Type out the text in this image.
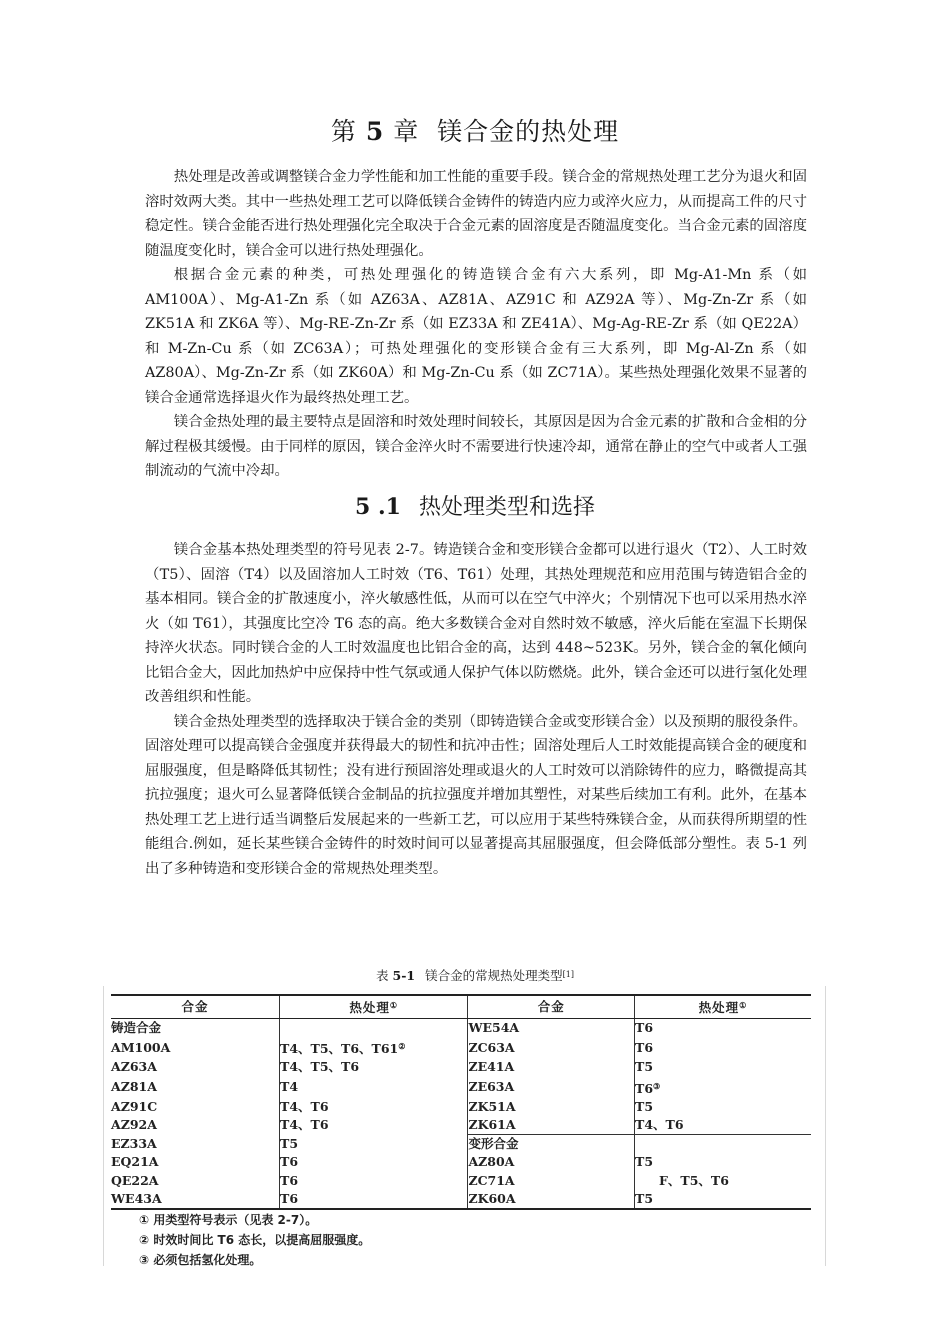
第 5 章 镁合金的热处理

热处理是改善或调整镁合金力学性能和加工性能的重要手段。镁合金的常规热处理工艺分为退火和固溶时效两大类。其中一些热处理工艺可以降低镁合金铸件的铸造内应力或淬火应力，从而提高工件的尺寸稳定性。镁合金能否进行热处理强化完全取决于合金元素的固溶度是否随温度变化。当合金元素的固溶度随温度变化时，镁合金可以进行热处理强化。

根据合金元素的种类，可热处理强化的铸造镁合金有六大系列，即 Mg-A1-Mn 系（如 AM100A）、Mg-A1-Zn 系（如 AZ63A、AZ81A、AZ91C 和 AZ92A 等）、Mg-Zn-Zr 系（如 ZK51A 和 ZK6A 等）、Mg-RE-Zn-Zr 系（如 EZ33A 和 ZE41A）、Mg-Ag-RE-Zr 系（如 QE22A）和 M-Zn-Cu 系（如 ZC63A）；可热处理强化的变形镁合金有三大系列，即 Mg-Al-Zn 系（如 AZ80A）、Mg-Zn-Zr 系（如 ZK60A）和 Mg-Zn-Cu 系（如 ZC71A）。某些热处理强化效果不显著的镁合金通常选择退火作为最终热处理工艺。

镁合金热处理的最主要特点是固溶和时效处理时间较长，其原因是因为合金元素的扩散和合金相的分解过程极其缓慢。由于同样的原因，镁合金淬火时不需要进行快速冷却，通常在静止的空气中或者人工强制流动的气流中冷却。

5 .1 热处理类型和选择

镁合金基本热处理类型的符号见表 2-7。铸造镁合金和变形镁合金都可以进行退火（T2）、人工时效（T5）、固溶（T4）以及固溶加人工时效（T6、T61）处理，其热处理规范和应用范围与铸造铝合金的基本相同。镁合金的扩散速度小，淬火敏感性低，从而可以在空气中淬火；个别情况下也可以采用热水淬火（如 T61），其强度比空冷 T6 态的高。绝大多数镁合金对自然时效不敏感，淬火后能在室温下长期保持淬火状态。同时镁合金的人工时效温度也比铝合金的高，达到 448~523K。另外，镁合金的氧化倾向比铝合金大，因此加热炉中应保持中性气氛或通人保护气体以防燃烧。此外，镁合金还可以进行氢化处理改善组织和性能。

镁合金热处理类型的选择取决于镁合金的类别（即铸造镁合金或变形镁合金）以及预期的服役条件。固溶处理可以提高镁合金强度并获得最大的韧性和抗冲击性；固溶处理后人工时效能提高镁合金的硬度和屈服强度，但是略降低其韧性；没有进行预固溶处理或退火的人工时效可以消除铸件的应力，略微提高其抗拉强度；退火可么显著降低镁合金制品的抗拉强度并增加其塑性，对某些后续加工有利。此外，在基本热处理工艺上进行适当调整后发展起来的一些新工艺，可以应用于某些特殊镁合金，从而获得所期望的性能组合.例如，延长某些镁合金铸件的时效时间可以显著提高其屈服强度，但会降低部分塑性。表 5-1 列出了多种铸造和变形镁合金的常规热处理类型。

表 5-1 镁合金的常规热处理类型[1]
合金	热处理①	合金	热处理①
铸造合金		WE54A	T6
AM100A	T4、T5、T6、T61②	ZC63A	T6
AZ63A	T4、T5、T6	ZE41A	T5
AZ81A	T4	ZE63A	T6③
AZ91C	T4、T6	ZK51A	T5
AZ92A	T4、T6	ZK61A	T4、T6
EZ33A	T5	变形合金	
EQ21A	T6	AZ80A	T5
QE22A	T6	ZC71A	F、T5、T6
WE43A	T6	ZK60A	T5
① 用类型符号表示（见表 2-7）。
② 时效时间比 T6 态长，以提高屈服强度。
③ 必须包括氢化处理。
